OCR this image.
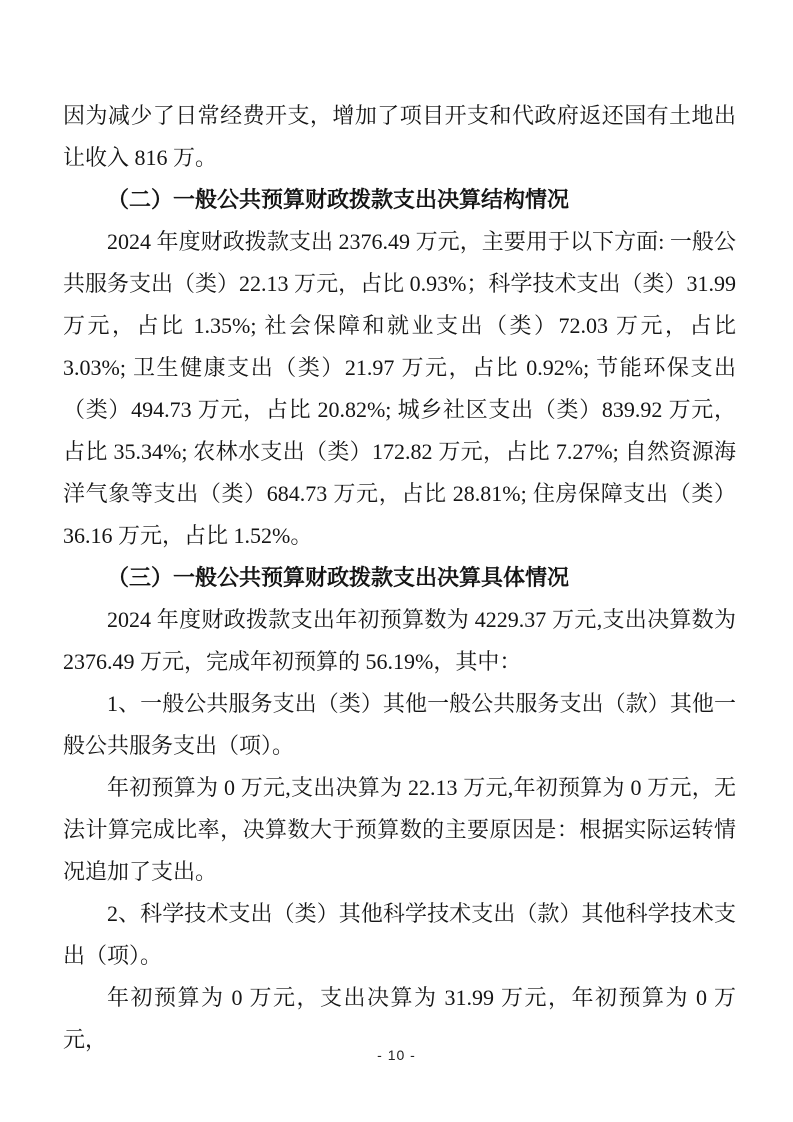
因为减少了日常经费开支，增加了项目开支和代政府返还国有土地出让收入 816 万。

（二）一般公共预算财政拨款支出决算结构情况

2024 年度财政拨款支出 2376.49 万元，主要用于以下方面: 一般公共服务支出（类）22.13 万元，占比 0.93%；科学技术支出（类）31.99 万元，占比 1.35%; 社会保障和就业支出（类）72.03 万元，占比 3.03%; 卫生健康支出（类）21.97 万元，占比 0.92%; 节能环保支出（类）494.73 万元，占比 20.82%; 城乡社区支出（类）839.92 万元，占比 35.34%; 农林水支出（类）172.82 万元，占比 7.27%; 自然资源海洋气象等支出（类）684.73 万元，占比 28.81%; 住房保障支出（类）36.16 万元，占比 1.52%。

（三）一般公共预算财政拨款支出决算具体情况

2024 年度财政拨款支出年初预算数为 4229.37 万元,支出决算数为 2376.49 万元，完成年初预算的 56.19%，其中：

1、一般公共服务支出（类）其他一般公共服务支出（款）其他一般公共服务支出（项）。

年初预算为 0 万元,支出决算为 22.13 万元,年初预算为 0 万元，无法计算完成比率，决算数大于预算数的主要原因是：根据实际运转情况追加了支出。

2、科学技术支出（类）其他科学技术支出（款）其他科学技术支出（项）。

年初预算为 0 万元，支出决算为 31.99 万元，年初预算为 0 万元，

- 10 -
